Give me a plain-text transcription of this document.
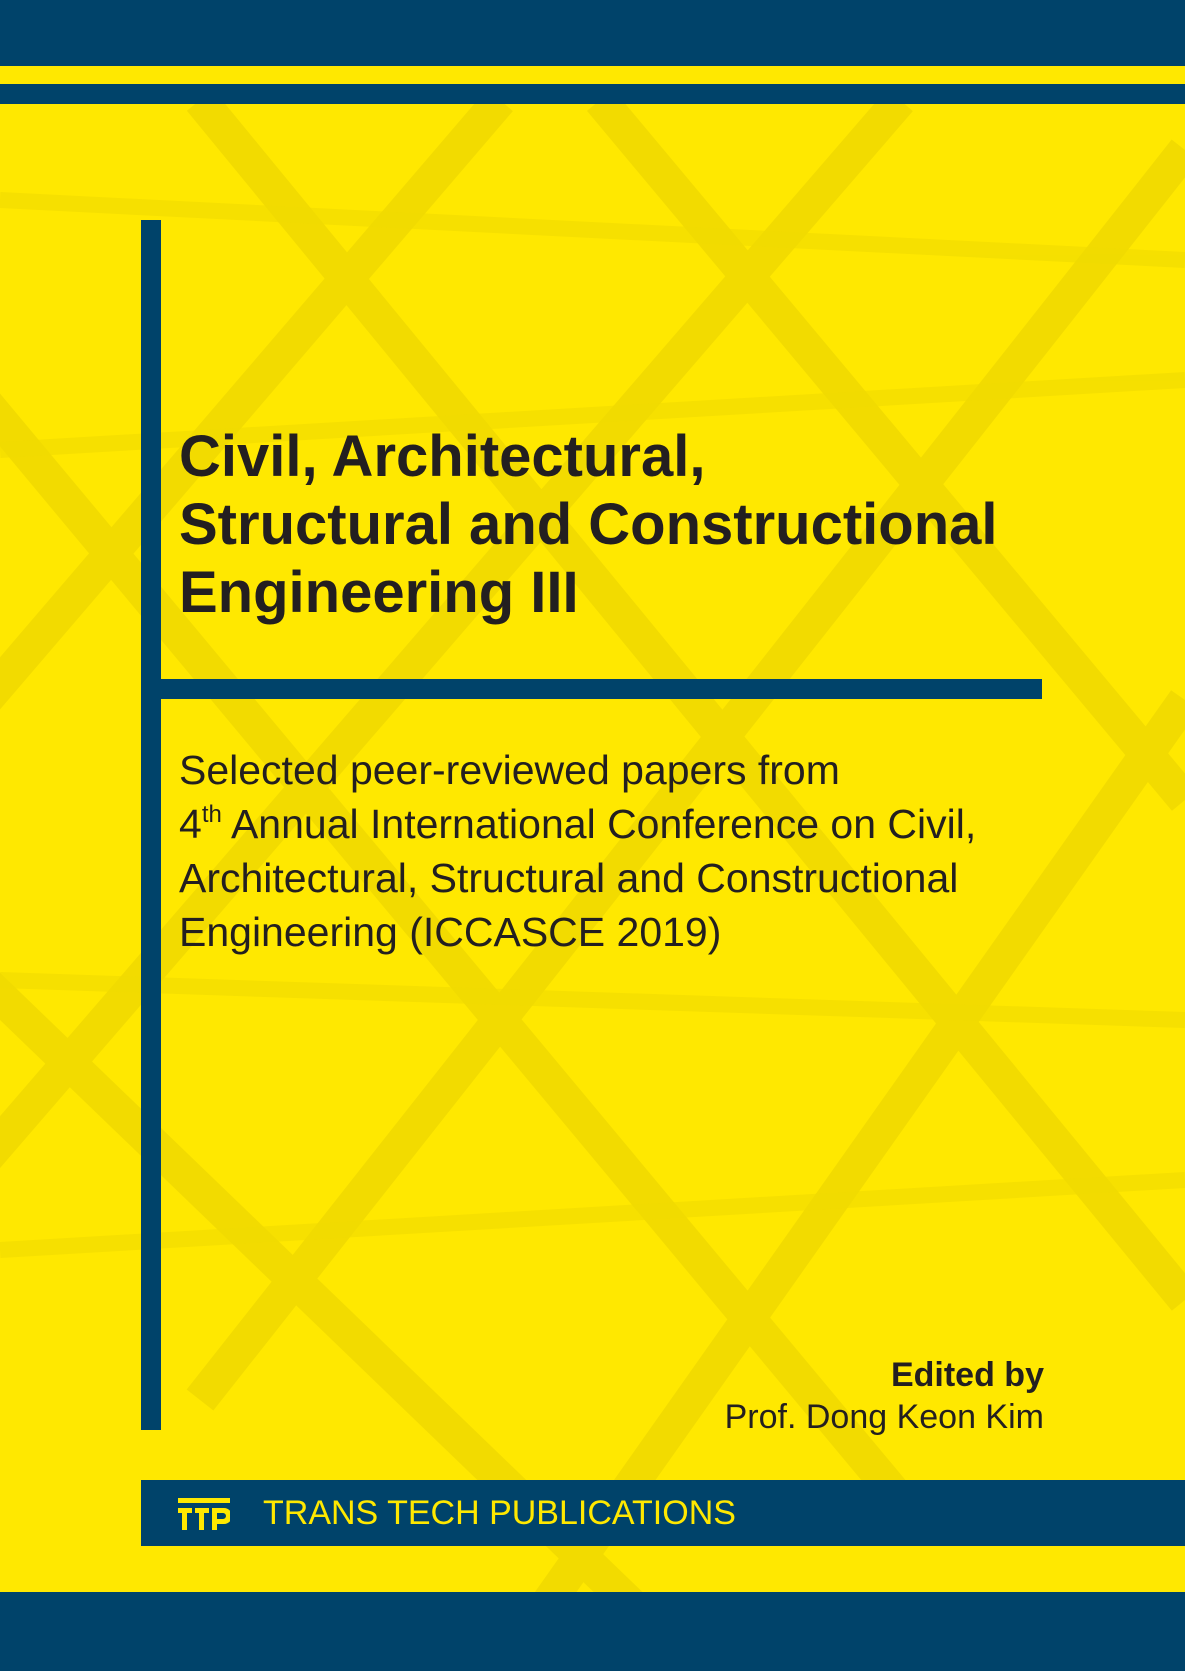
Civil, Architectural,
Structural and Constructional
Engineering III
Selected peer-reviewed papers from
4th Annual International Conference on Civil,
Architectural, Structural and Constructional
Engineering (ICCASCE 2019)
Edited by
Prof. Dong Keon Kim
TRANS TECH PUBLICATIONS
